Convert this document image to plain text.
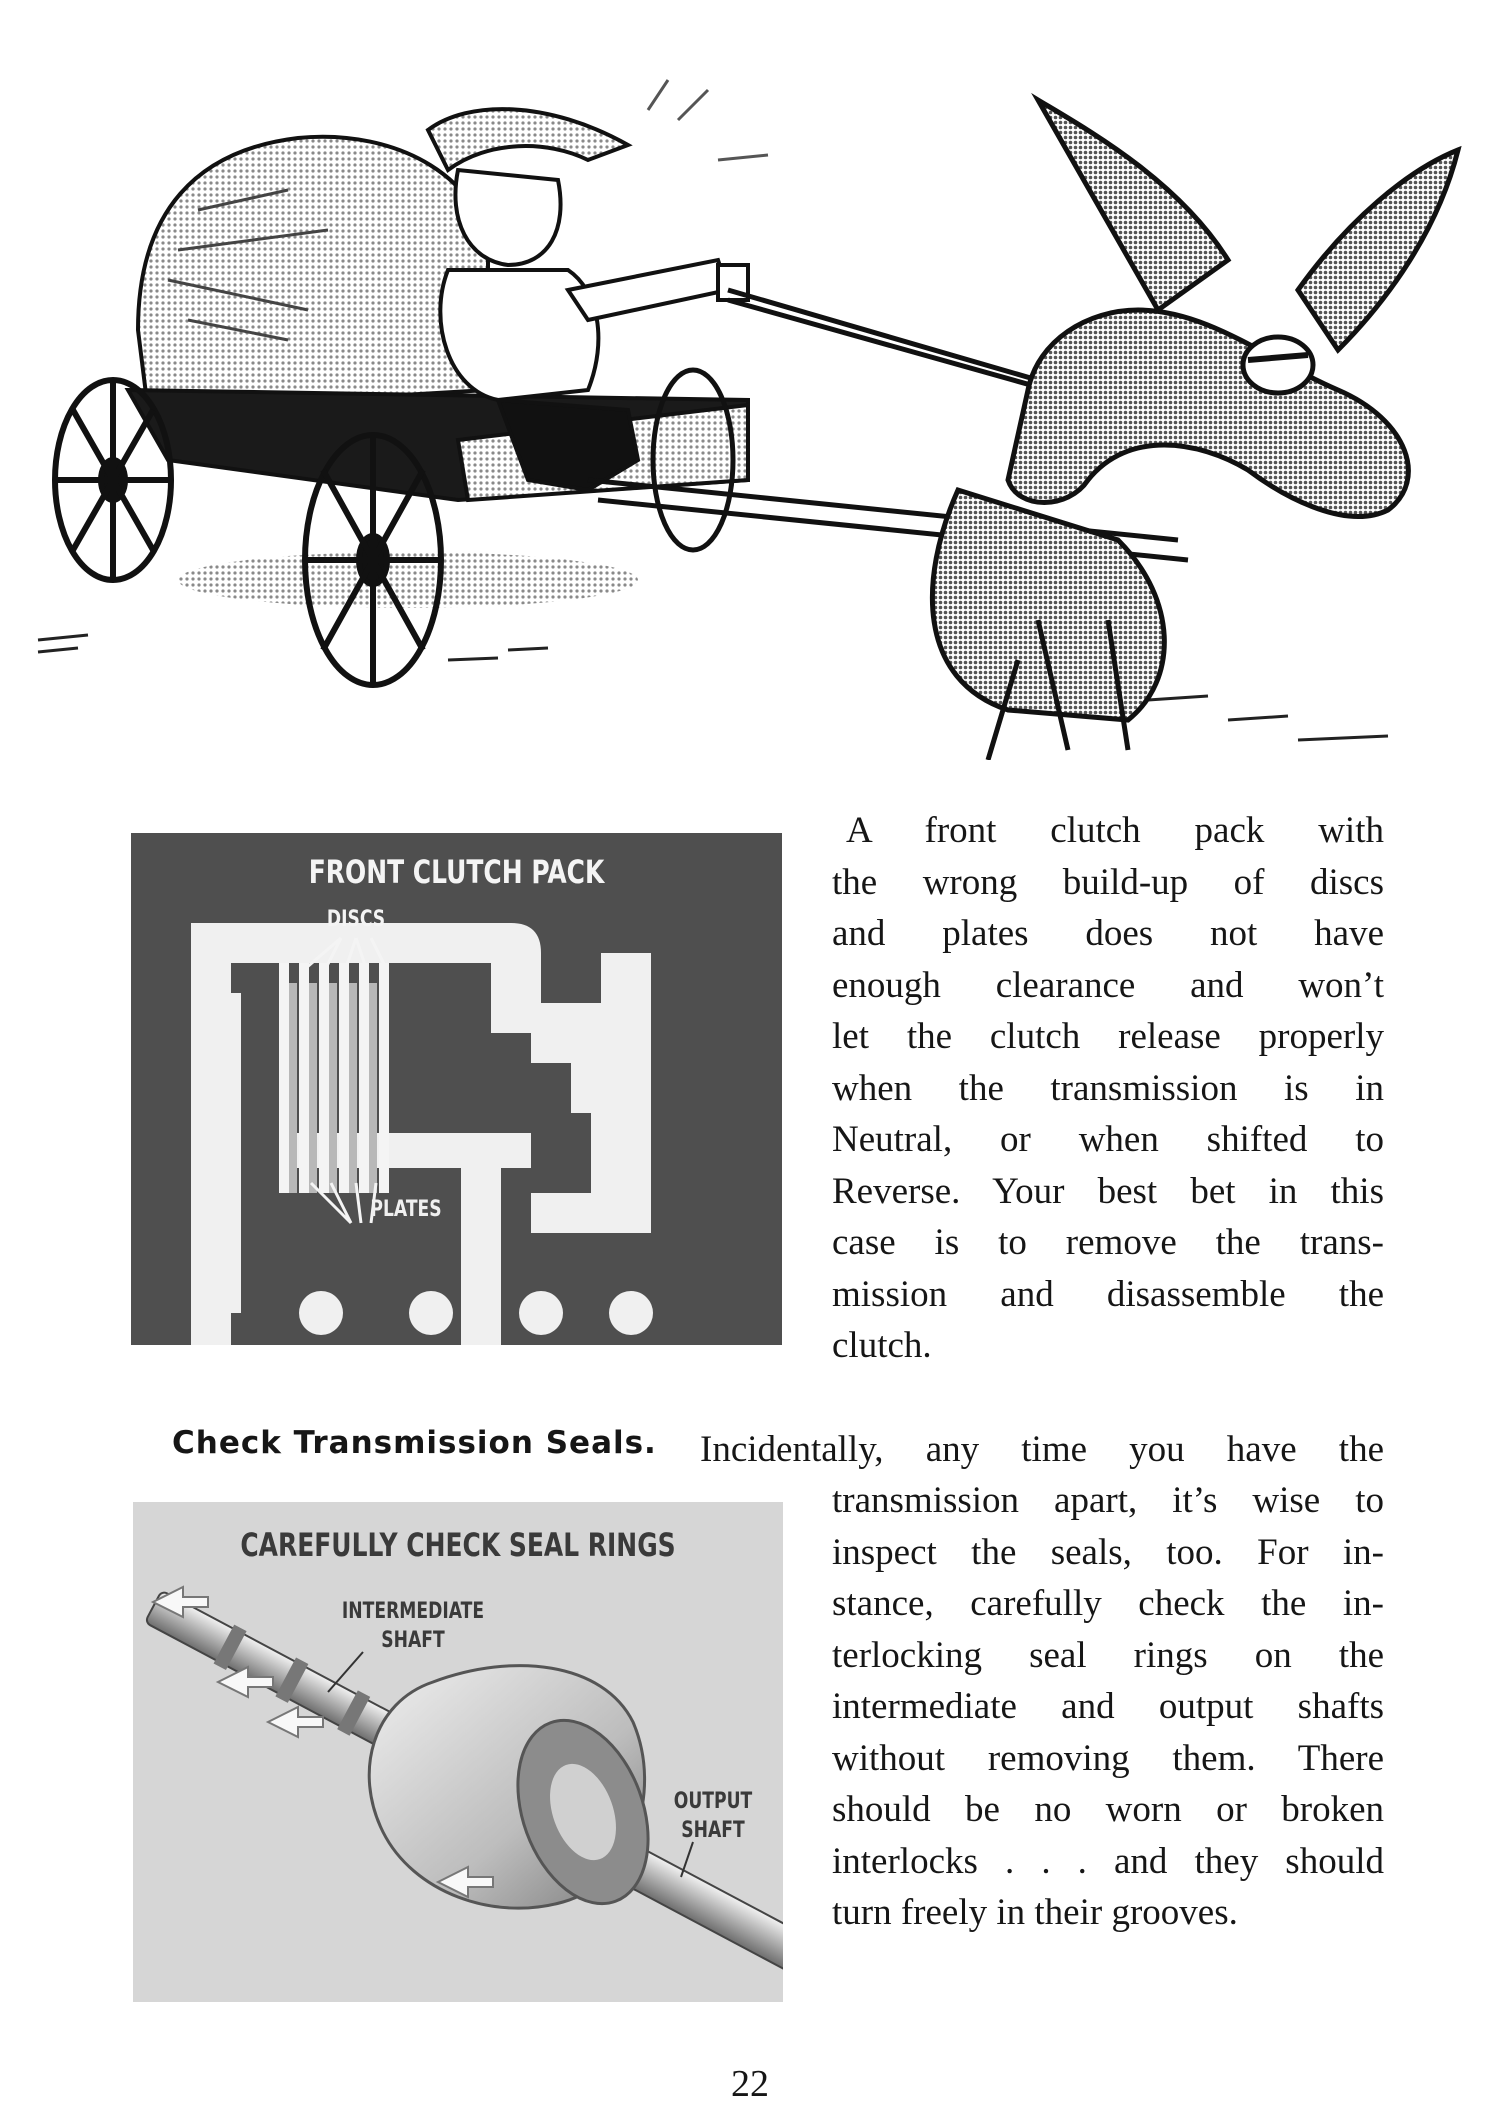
FRONT CLUTCH PACK
DISCS
PLATES

A front clutch pack with
the wrong build-up of discs
and plates does not have
enough clearance and won’t
let the clutch release properly
when the transmission is in
Neutral, or when shifted to
Reverse. Your best bet in this
case is to remove the trans-
mission and disassemble the
clutch.

Check Transmission Seals. Incidentally, any time you have the
CAREFULLY CHECK SEAL RINGS
INTERMEDIATE
SHAFT
OUTPUT
SHAFT

transmission apart, it’s wise to
inspect the seals, too. For in-
stance, carefully check the in-
terlocking seal rings on the
intermediate and output shafts
without removing them. There
should be no worn or broken
interlocks . . . and they should
turn freely in their grooves.

22
